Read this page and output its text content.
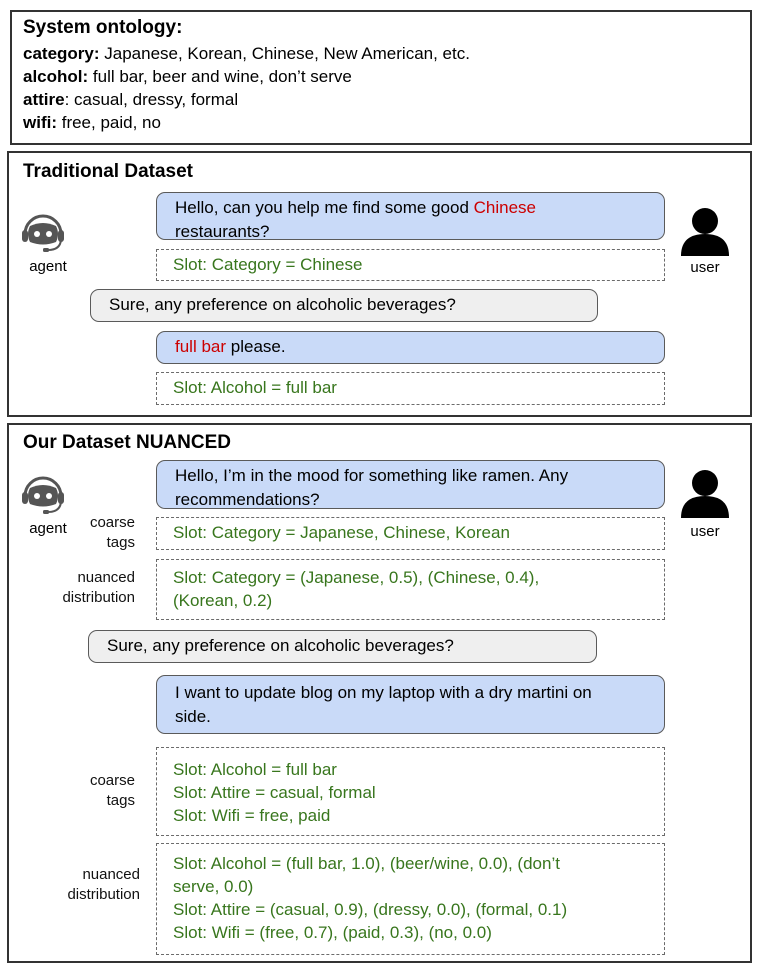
System ontology:
category: Japanese, Korean, Chinese, New American, etc.
alcohol: full bar, beer and wine, don’t serve
attire: casual, dressy, formal
wifi: free, paid, no
Traditional Dataset
agent	user
Hello, can you help me find some good Chinese
restaurants?
Slot: Category = Chinese
Sure, any preference on alcoholic beverages?
full bar please.
Slot: Alcohol = full bar
Our Dataset NUANCED
agent	user
Hello, I’m in the mood for something like ramen. Any
recommendations?
coarse
tags
Slot: Category = Japanese, Chinese, Korean
nuanced
distribution
Slot: Category = (Japanese, 0.5), (Chinese, 0.4),
(Korean, 0.2)
Sure, any preference on alcoholic beverages?
I want to update blog on my laptop with a dry martini on
side.
coarse
tags
Slot: Alcohol = full bar
Slot: Attire = casual, formal
Slot: Wifi = free, paid
nuanced
distribution
Slot: Alcohol = (full bar, 1.0), (beer/wine, 0.0), (don’t
serve, 0.0)
Slot: Attire = (casual, 0.9), (dressy, 0.0), (formal, 0.1)
Slot: Wifi = (free, 0.7), (paid, 0.3), (no, 0.0)
